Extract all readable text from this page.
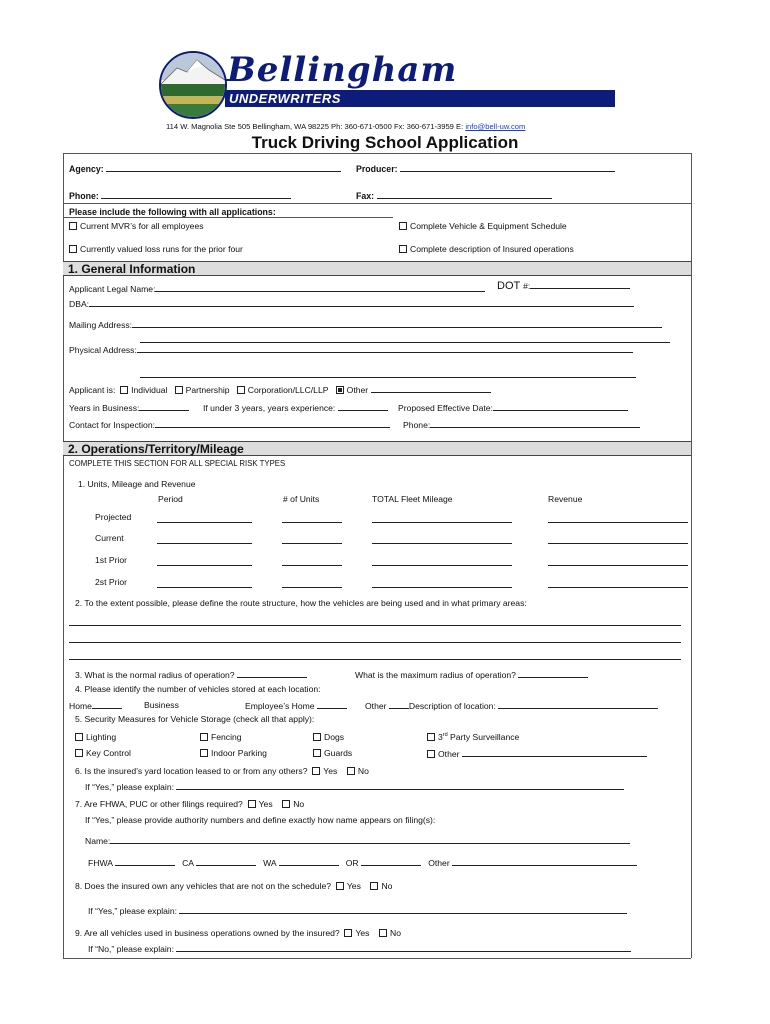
Bellingham
UNDERWRITERS
114 W. Magnolia Ste 505 Bellingham, WA 98225 Ph: 360-671-0500 Fx: 360-671-3959 E: info@bell-uw.com
Truck Driving School Application
Agency:	Producer:
Phone:	Fax:
Please include the following with all applications:
Current MVR’s for all employees	Complete Vehicle & Equipment Schedule
Currently valued loss runs for the prior four	Complete description of Insured operations
1. General Information
Applicant Legal Name:	DOT #:
DBA:
Mailing Address:
Physical Address:
Applicant is: Individual Partnership Corporation/LLC/LLP Other
Years in Business:	If under 3 years, years experience:	Proposed Effective Date:
Contact for Inspection:	Phone:
2. Operations/Territory/Mileage
COMPLETE THIS SECTION FOR ALL SPECIAL RISK TYPES
1. Units, Mileage and Revenue
Period	# of Units	TOTAL Fleet Mileage	Revenue
Projected
Current
1st Prior
2st Prior
2. To the extent possible, please define the route structure, how the vehicles are being used and in what primary areas:
3. What is the normal radius of operation?	What is the maximum radius of operation?
4. Please identify the number of vehicles stored at each location:
Home	Business	Employee’s Home	Other	Description of location:
5. Security Measures for Vehicle Storage (check all that apply):
Lighting	Fencing	Dogs	3rd Party Surveillance
Key Control	Indoor Parking	Guards	Other
6. Is the insured’s yard location leased to or from any others? Yes No
If “Yes,” please explain:
7. Are FHWA, PUC or other filings required? Yes No
If “Yes,” please provide authority numbers and define exactly how name appears on filing(s):
Name:
FHWA	CA	WA	OR	Other
8. Does the insured own any vehicles that are not on the schedule? Yes No
If “Yes,” please explain:
9. Are all vehicles used in business operations owned by the insured? Yes No
If “No,” please explain:
